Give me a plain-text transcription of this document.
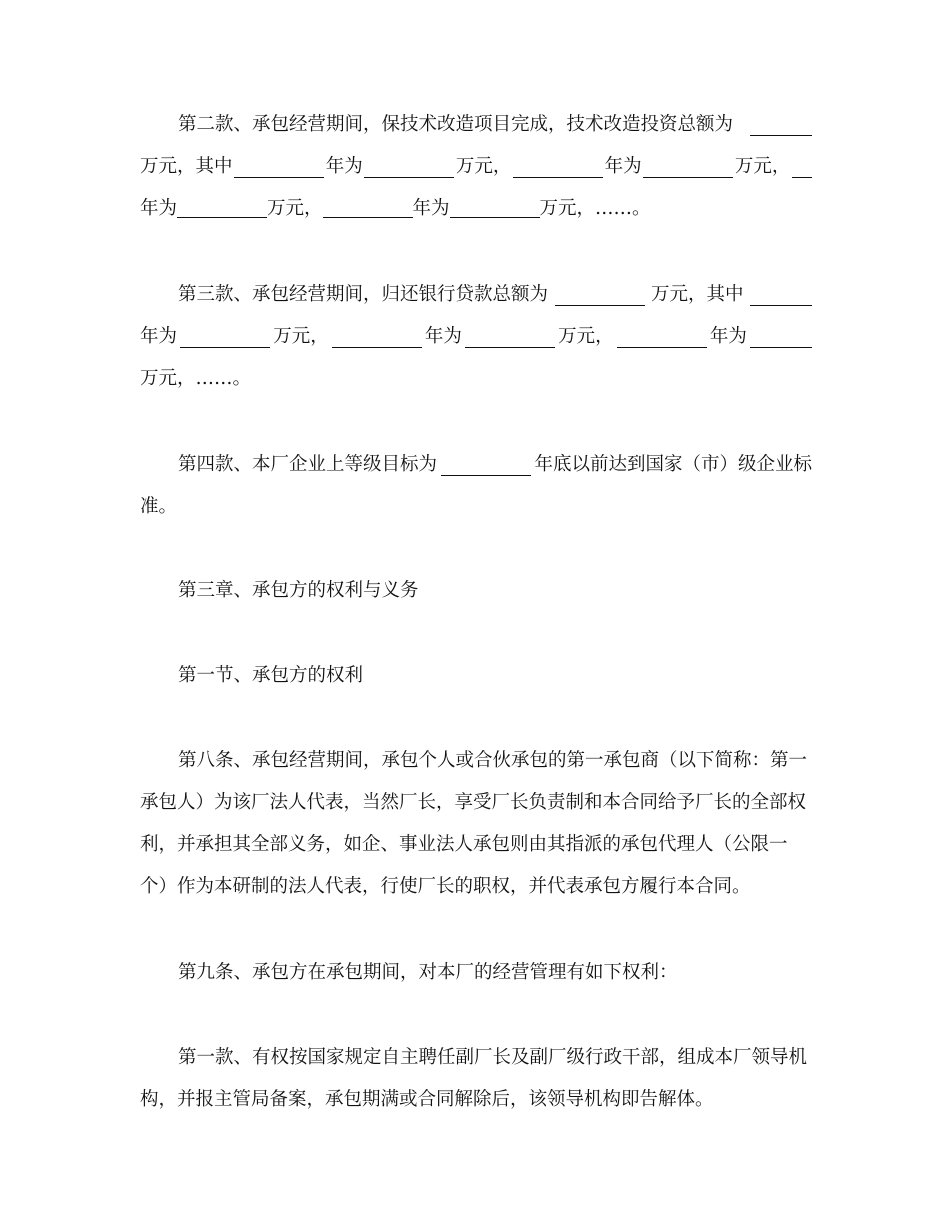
第二款、承包经营期间，保技术改造项目完成，技术改造投资总额为
万元，其中	年为	万元，	年为	万元，
年为	万元，	年为	万元，……。
第三款、承包经营期间，归还银行贷款总额为	万元，其中
年为	万元，	年为	万元，	年为
万元，……。
第四款、本厂企业上等级目标为	年底以前达到国家（市）级企业标
准。
第三章、承包方的权利与义务
第一节、承包方的权利
第八条、承包经营期间，承包个人或合伙承包的第一承包商（以下简称：第一
承包人）为该厂法人代表，当然厂长，享受厂长负责制和本合同给予厂长的全部权
利，并承担其全部义务，如企、事业法人承包则由其指派的承包代理人（公限一
个）作为本研制的法人代表，行使厂长的职权，并代表承包方履行本合同。
第九条、承包方在承包期间，对本厂的经营管理有如下权利：
第一款、有权按国家规定自主聘任副厂长及副厂级行政干部，组成本厂领导机
构，并报主管局备案，承包期满或合同解除后，该领导机构即告解体。
